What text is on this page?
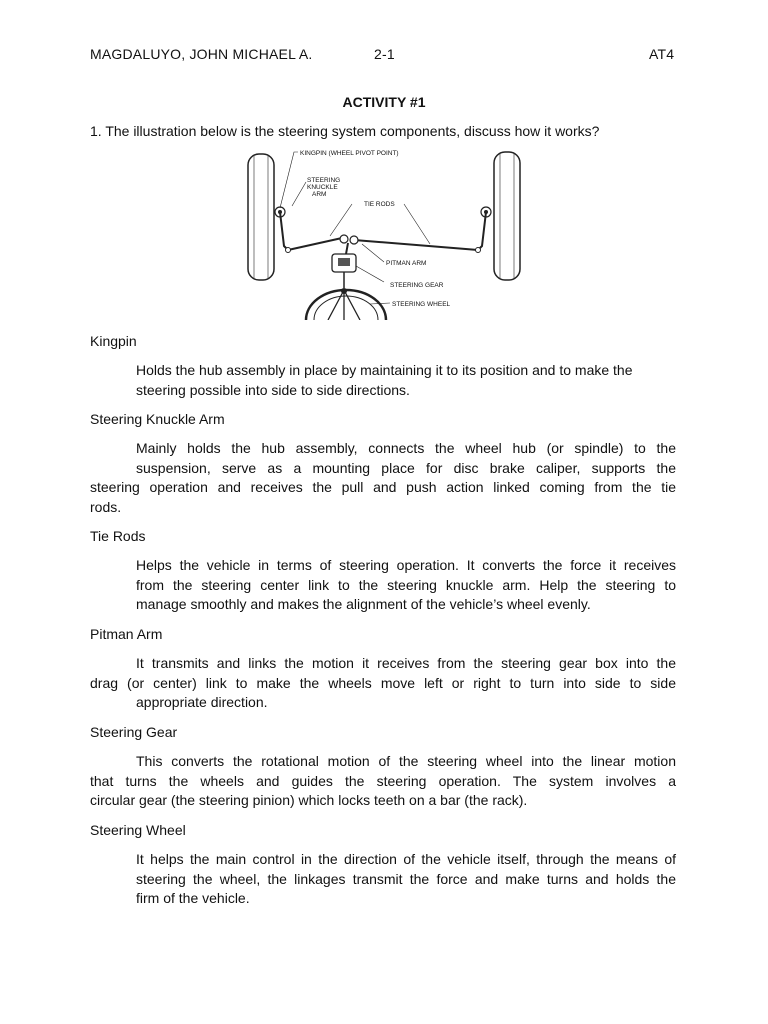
MAGDALUYO, JOHN MICHAEL A.	2-1	AT4
ACTIVITY #1
1. The illustration below is the steering system components, discuss how it works?
KINGPIN (WHEEL PIVOT POINT)
STEERING
KNUCKLE
ARM
TIE RODS
PITMAN ARM
STEERING GEAR
STEERING WHEEL
Kingpin
Holds the hub assembly in place by maintaining it to its position and to make the
steering possible into side to side directions.
Steering Knuckle Arm
Mainly holds the hub assembly, connects the wheel hub (or spindle) to the
suspension, serve as a mounting place for disc brake caliper, supports the
steering operation and receives the pull and push action linked coming from the tie
rods.
Tie Rods
Helps the vehicle in terms of steering operation. It converts the force it receives
from the steering center link to the steering knuckle arm. Help the steering to
manage smoothly and makes the alignment of the vehicle’s wheel evenly.
Pitman Arm
It transmits and links the motion it receives from the steering gear box into the
drag (or center) link to make the wheels move left or right to turn into side to side
appropriate direction.
Steering Gear
This converts the rotational motion of the steering wheel into the linear motion
that turns the wheels and guides the steering operation. The system involves a
circular gear (the steering pinion) which locks teeth on a bar (the rack).
Steering Wheel
It helps the main control in the direction of the vehicle itself, through the means of
steering the wheel, the linkages transmit the force and make turns and holds the
firm of the vehicle.
